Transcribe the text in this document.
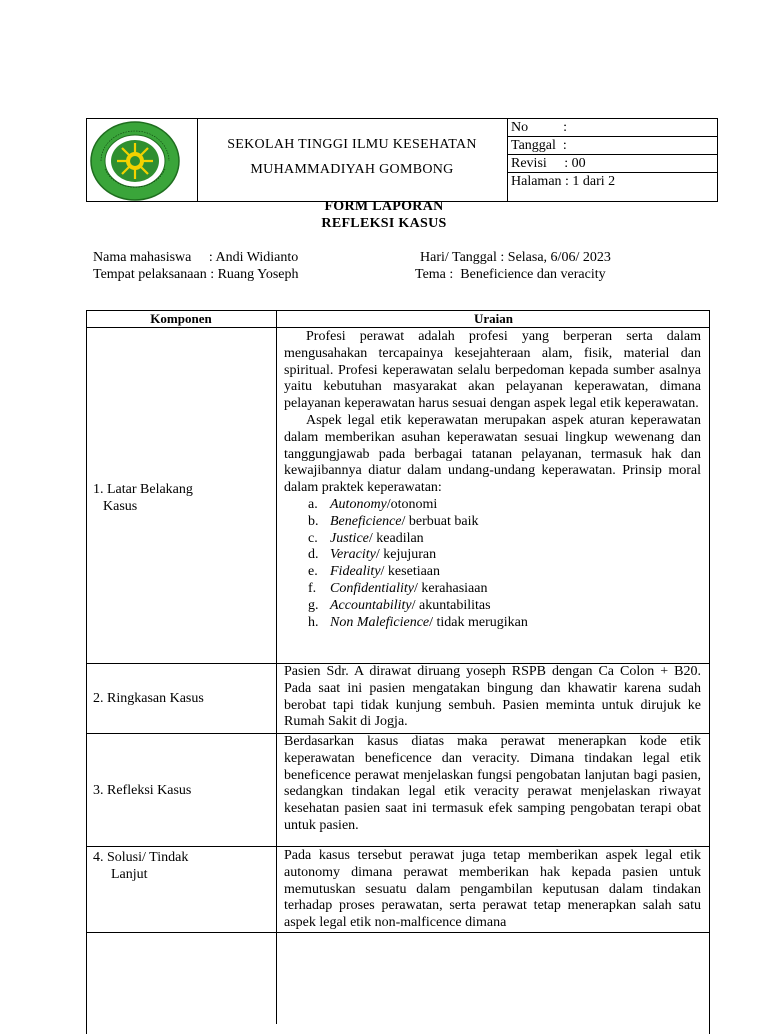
SEKOLAH TINGGI ILMU KESEHATAN
MUHAMMADIYAH GOMBONG
No          :
Tanggal  :
Revisi     : 00
Halaman : 1 dari 2
FORM LAPORAN
REFLEKSI KASUS
Nama mahasiswa     : Andi Widianto
Tempat pelaksanaan : Ruang Yoseph
Hari/ Tanggal : Selasa, 6/06/ 2023
Tema :  Beneficience dan veracity
Komponen	Uraian
1. Latar Belakang
Kasus

Profesi perawat adalah profesi yang berperan serta dalam mengusahakan tercapainya kesejahteraan alam, fisik, material dan spiritual. Profesi keperawatan selalu berpedoman kepada sumber asalnya yaitu kebutuhan masyarakat akan pelayanan keperawatan, dimana pelayanan keperawatan harus sesuai dengan aspek legal etik keperawatan.

Aspek legal etik keperawatan merupakan aspek aturan keperawatan dalam memberikan asuhan keperawatan sesuai lingkup wewenang dan tanggungjawab pada berbagai tatanan pelayanan, termasuk hak dan kewajibannya diatur dalam undang-undang keperawatan. Prinsip moral dalam praktek keperawatan:

a. Autonomy/otonomi
b. Beneficience/ berbuat baik
c. Justice/ keadilan
d. Veracity/ kejujuran
e. Fideality/ kesetiaan
f. Confidentiality/ kerahasiaan
g. Accountability/ akuntabilitas
h. Non Maleficience/ tidak merugikan
2. Ringkasan Kasus
Pasien Sdr. A dirawat diruang yoseph RSPB dengan Ca Colon + B20. Pada saat ini pasien mengatakan bingung dan khawatir karena sudah berobat tapi tidak kunjung sembuh. Pasien meminta untuk dirujuk ke Rumah Sakit di Jogja.
3. Refleksi Kasus
Berdasarkan kasus diatas maka perawat menerapkan kode etik keperawatan beneficence dan veracity. Dimana tindakan legal etik beneficence perawat menjelaskan fungsi pengobatan lanjutan bagi pasien, sedangkan tindakan legal etik veracity perawat menjelaskan riwayat kesehatan pasien saat ini termasuk efek samping pengobatan terapi obat untuk pasien.
4. Solusi/ Tindak
Lanjut
Pada kasus tersebut perawat juga tetap memberikan aspek legal etik autonomy dimana perawat memberikan hak kepada pasien untuk memutuskan sesuatu dalam pengambilan keputusan dalam tindakan terhadap proses perawatan, serta perawat tetap menerapkan salah satu aspek legal etik non-malficence dimana
